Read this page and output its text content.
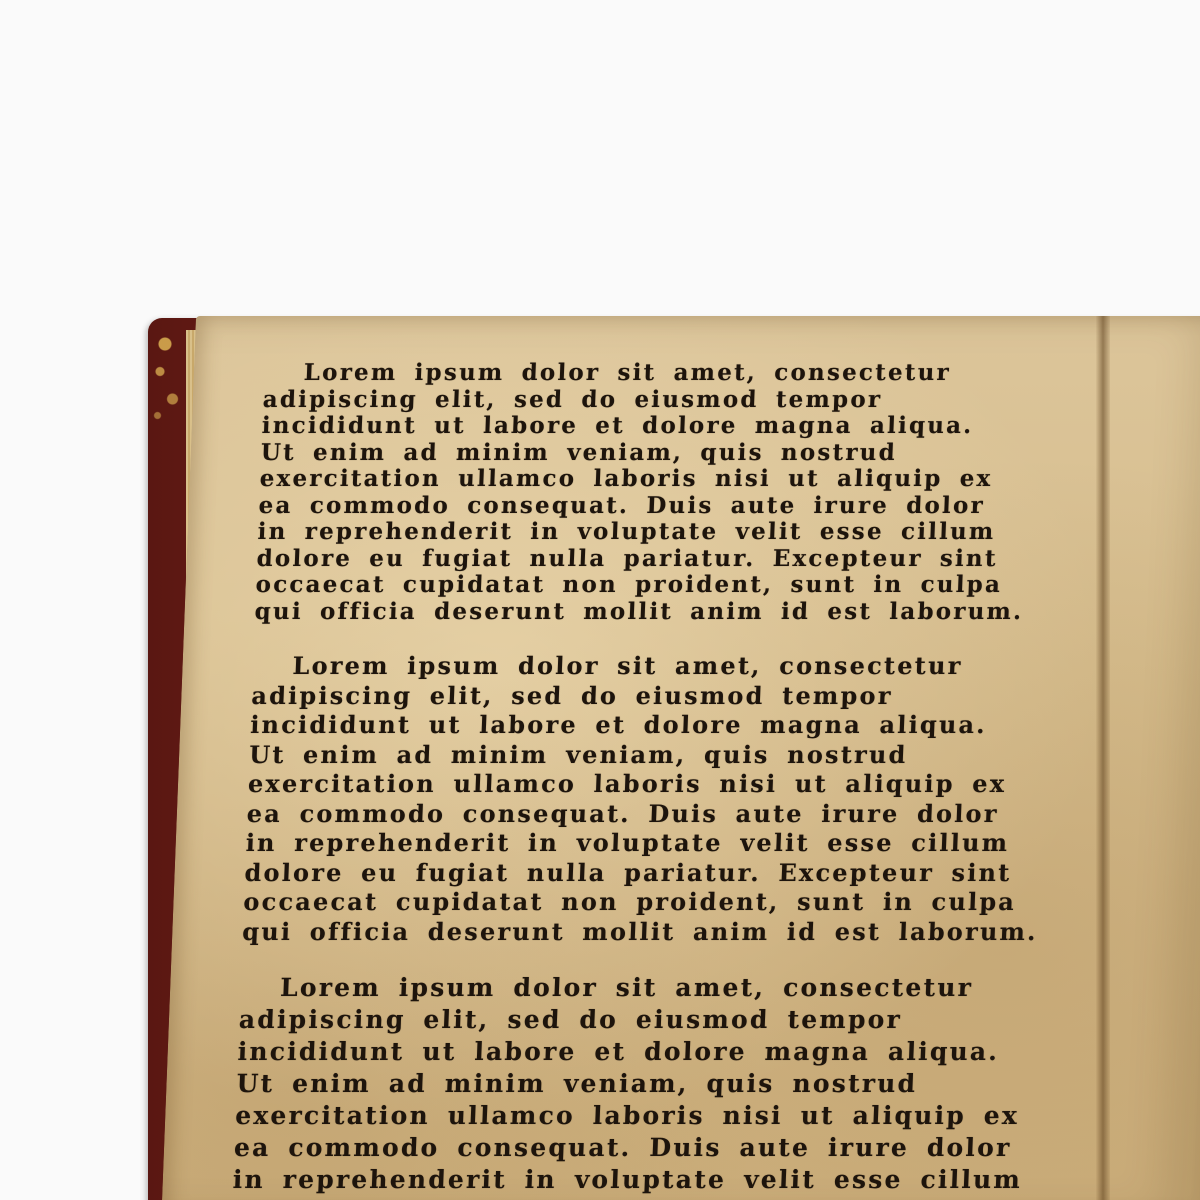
Lorem ipsum dolor sit amet, consectetur
adipiscing elit, sed do eiusmod tempor
incididunt ut labore et dolore magna aliqua.
Ut enim ad minim veniam, quis nostrud
exercitation ullamco laboris nisi ut aliquip ex
ea commodo consequat. Duis aute irure dolor
in reprehenderit in voluptate velit esse cillum
dolore eu fugiat nulla pariatur. Excepteur sint
occaecat cupidatat non proident, sunt in culpa
qui officia deserunt mollit anim id est laborum.
Lorem ipsum dolor sit amet, consectetur
adipiscing elit, sed do eiusmod tempor
incididunt ut labore et dolore magna aliqua.
Ut enim ad minim veniam, quis nostrud
exercitation ullamco laboris nisi ut aliquip ex
ea commodo consequat. Duis aute irure dolor
in reprehenderit in voluptate velit esse cillum
dolore eu fugiat nulla pariatur. Excepteur sint
occaecat cupidatat non proident, sunt in culpa
qui officia deserunt mollit anim id est laborum.
Lorem ipsum dolor sit amet, consectetur
adipiscing elit, sed do eiusmod tempor
incididunt ut labore et dolore magna aliqua.
Ut enim ad minim veniam, quis nostrud
exercitation ullamco laboris nisi ut aliquip ex
ea commodo consequat. Duis aute irure dolor
in reprehenderit in voluptate velit esse cillum
